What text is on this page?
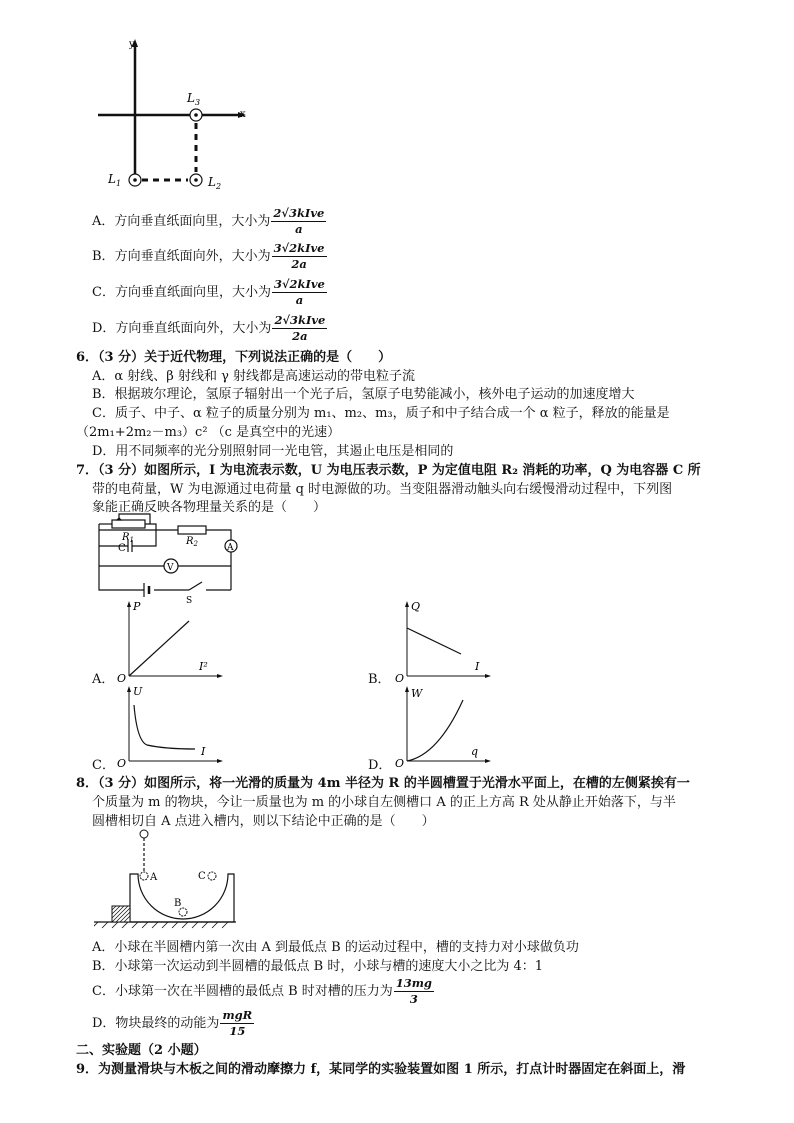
y
x
$L_1$	$L_2$
$L_3$
A．方向垂直纸面向里，大小为 $\frac{\text{2√3kIve}}{a}$
B．方向垂直纸面向外，大小为 $\frac{\text{3√2kIve}}{2a}$
C．方向垂直纸面向里，大小为 $\frac{\text{3√2kIve}}{a}$
D．方向垂直纸面向外，大小为 $\frac{\text{2√3kIve}}{2a}$
6．（3 分）关于近代物理，下列说法正确的是（　　）
A．α 射线、β 射线和 γ 射线都是高速运动的带电粒子流
B．根据玻尔理论，氢原子辐射出一个光子后，氢原子电势能减小，核外电子运动的加速度增大
C．质子、中子、α 粒子的质量分别为 m₁、m₂、m₃，质子和中子结合成一个 α 粒子，释放的能量是
（2m₁+2m₂－m₃）c² （c 是真空中的光速）
D．用不同频率的光分别照射同一光电管，其遏止电压是相同的
7．（3 分）如图所示，I 为电流表示数，U 为电压表示数，P 为定值电阻 R₂ 消耗的功率，Q 为电容器 C 所
带的电荷量，W 为电源通过电荷量 q 时电源做的功。当变阻器滑动触头向右缓慢滑动过程中，下列图
象能正确反映各物理量关系的是（　　）
$R_1$	$R_2$
C	A
V
S
A．
P
I²
O	B．
Q
I
O
C．
U
I
O	D．
W
q
O
8．（3 分）如图所示，将一光滑的质量为 4m 半径为 R 的半圆槽置于光滑水平面上，在槽的左侧紧挨有一
个质量为 m 的物块，今让一质量也为 m 的小球自左侧槽口 A 的正上方高 R 处从静止开始落下，与半
圆槽相切自 A 点进入槽内，则以下结论中正确的是（　　）
A	C
B
A．小球在半圆槽内第一次由 A 到最低点 B 的运动过程中，槽的支持力对小球做负功
B．小球第一次运动到半圆槽的最低点 B 时，小球与槽的速度大小之比为 4：1
C．小球第一次在半圆槽的最低点 B 时对槽的压力为 $\frac{13mg}{3}$
D．物块最终的动能为 $\frac{\text{mgR}}{15}$
二、实验题（2 小题）
9．为测量滑块与木板之间的滑动摩擦力 f，某同学的实验装置如图 1 所示，打点计时器固定在斜面上，滑
